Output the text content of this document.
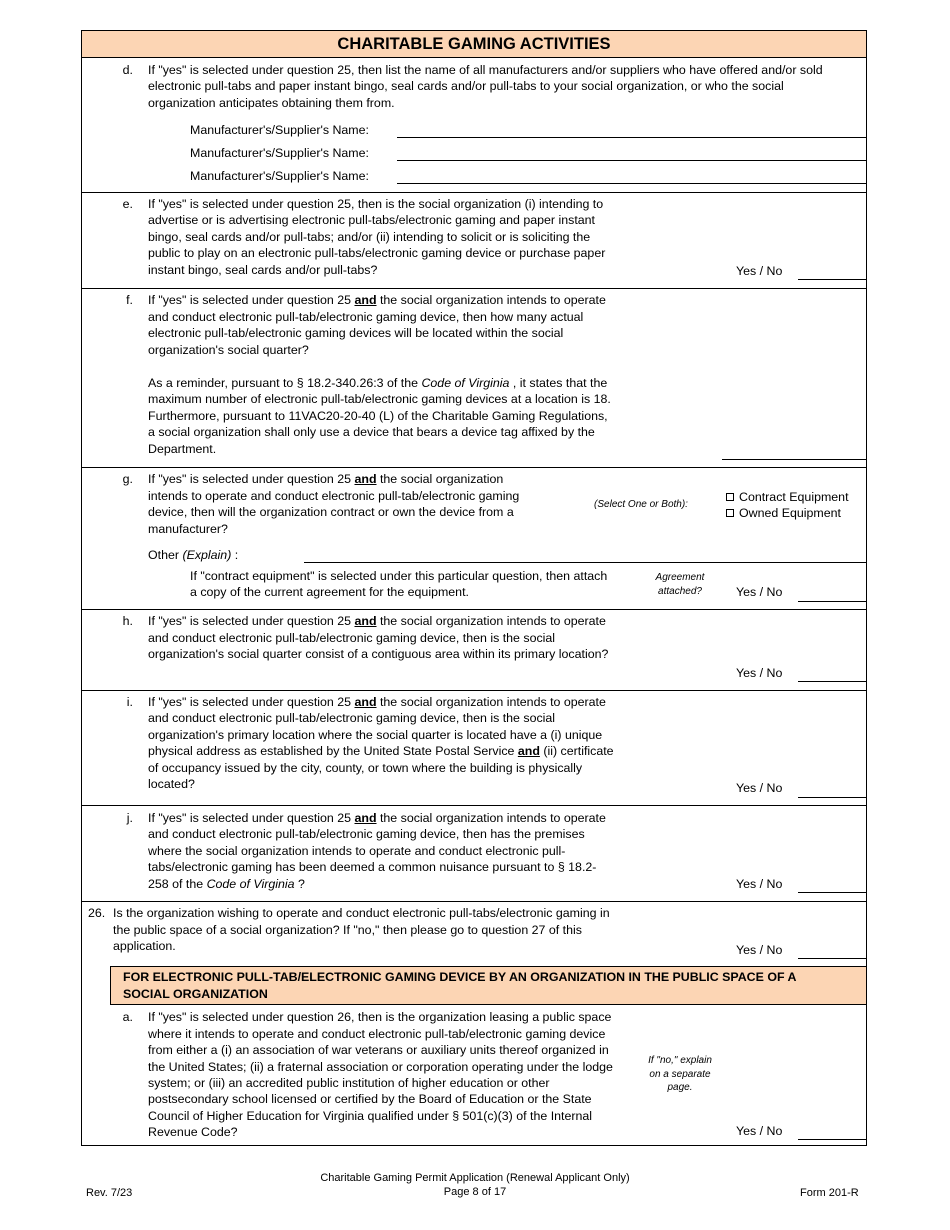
CHARITABLE GAMING ACTIVITIES
d. If "yes" is selected under question 25, then list the name of all manufacturers and/or suppliers who have offered and/or sold
electronic pull-tabs and paper instant bingo, seal cards and/or pull-tabs to your social organization, or who the social
organization anticipates obtaining them from.
Manufacturer's/Supplier's Name:
Manufacturer's/Supplier's Name:
Manufacturer's/Supplier's Name:
e. If "yes" is selected under question 25, then is the social organization (i) intending to
advertise or is advertising electronic pull-tabs/electronic gaming and paper instant
bingo, seal cards and/or pull-tabs; and/or (ii) intending to solicit or is soliciting the
public to play on an electronic pull-tabs/electronic gaming device or purchase paper
instant bingo, seal cards and/or pull-tabs?	Yes / No
f. If "yes" is selected under question 25 and the social organization intends to operate
and conduct electronic pull-tab/electronic gaming device, then how many actual
electronic pull-tab/electronic gaming devices will be located within the social
organization's social quarter?
As a reminder, pursuant to § 18.2-340.26:3 of the Code of Virginia , it states that the
maximum number of electronic pull-tab/electronic gaming devices at a location is 18.
Furthermore, pursuant to 11VAC20-20-40 (L) of the Charitable Gaming Regulations,
a social organization shall only use a device that bears a device tag affixed by the
Department.
g. If "yes" is selected under question 25 and the social organization
intends to operate and conduct electronic pull-tab/electronic gaming
device, then will the organization contract or own the device from a
manufacturer?
(Select One or Both):
Contract Equipment
Owned Equipment
Other (Explain) :
If "contract equipment" is selected under this particular question, then attach
a copy of the current agreement for the equipment.
Agreement
attached?	Yes / No
h. If "yes" is selected under question 25 and the social organization intends to operate
and conduct electronic pull-tab/electronic gaming device, then is the social
organization's social quarter consist of a contiguous area within its primary location?
Yes / No
i. If "yes" is selected under question 25 and the social organization intends to operate
and conduct electronic pull-tab/electronic gaming device, then is the social
organization's primary location where the social quarter is located have a (i) unique
physical address as established by the United State Postal Service and (ii) certificate
of occupancy issued by the city, county, or town where the building is physically
located?	Yes / No
j. If "yes" is selected under question 25 and the social organization intends to operate
and conduct electronic pull-tab/electronic gaming device, then has the premises
where the social organization intends to operate and conduct electronic pull-
tabs/electronic gaming has been deemed a common nuisance pursuant to § 18.2-
258 of the Code of Virginia ?	Yes / No
26. Is the organization wishing to operate and conduct electronic pull-tabs/electronic gaming in
the public space of a social organization? If "no," then please go to question 27 of this
application.	Yes / No
FOR ELECTRONIC PULL-TAB/ELECTRONIC GAMING DEVICE BY AN ORGANIZATION IN THE PUBLIC SPACE OF A
SOCIAL ORGANIZATION
a. If "yes" is selected under question 26, then is the organization leasing a public space
where it intends to operate and conduct electronic pull-tab/electronic gaming device
from either a (i) an association of war veterans or auxiliary units thereof organized in
the United States; (ii) a fraternal association or corporation operating under the lodge
system; or (iii) an accredited public institution of higher education or other
postsecondary school licensed or certified by the Board of Education or the State
Council of Higher Education for Virginia qualified under § 501(c)(3) of the Internal
Revenue Code?
If "no," explain
on a separate
page.
Yes / No
Rev. 7/23
Charitable Gaming Permit Application (Renewal Applicant Only)
Page 8 of 17	Form 201-R
